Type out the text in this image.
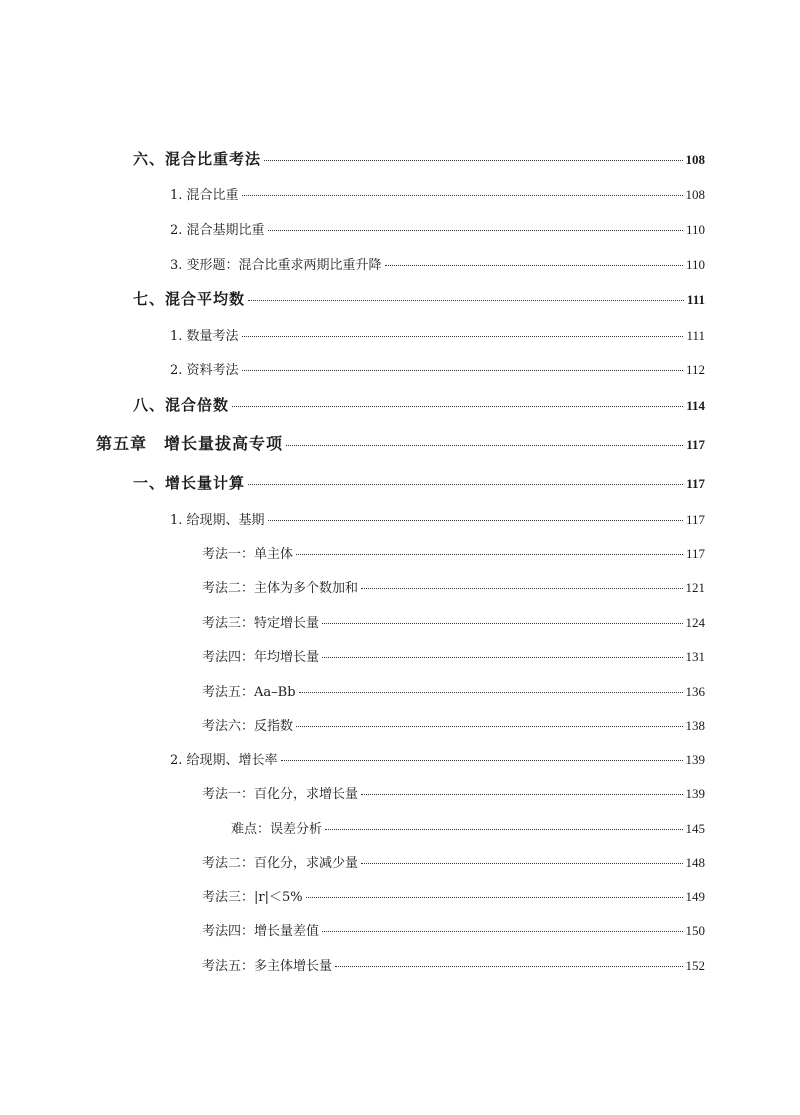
六、混合比重考法	108
1. 混合比重	108
2. 混合基期比重	110
3. 变形题：混合比重求两期比重升降	110
七、混合平均数	111
1. 数量考法	111
2. 资料考法	112
八、混合倍数	114
第五章　增长量拔高专项	117
一、增长量计算	117
1. 给现期、基期	117
考法一：单主体	117
考法二：主体为多个数加和	121
考法三：特定增长量	124
考法四：年均增长量	131
考法五：Aa–Bb	136
考法六：反指数	138
2. 给现期、增长率	139
考法一：百化分，求增长量	139
难点：误差分析	145
考法二：百化分，求减少量	148
考法三：|r|＜5%	149
考法四：增长量差值	150
考法五：多主体增长量	152
